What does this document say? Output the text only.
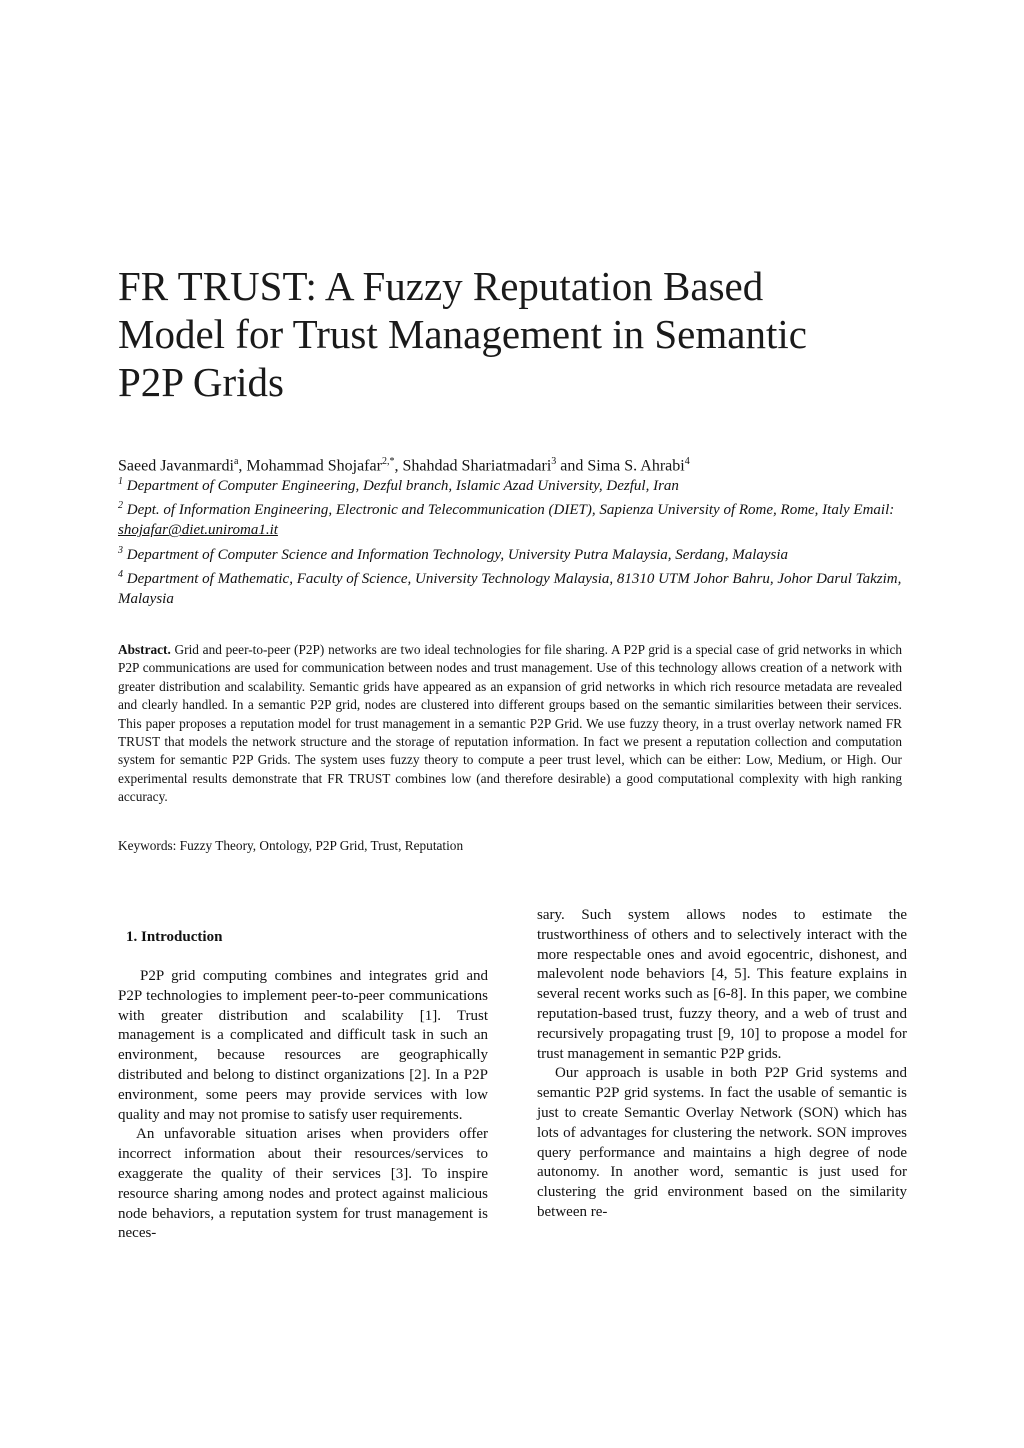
FR TRUST: A Fuzzy Reputation Based
Model for Trust Management in Semantic
P2P Grids

Saeed Javanmardi$^a$, Mohammad Shojafar$^{2,*}$, Shahdad Shariatmadari$^3$ and Sima S. Ahrabi$^4$

$^1$ Department of Computer Engineering, Dezful branch, Islamic Azad University, Dezful, Iran
$^2$ Dept. of Information Engineering, Electronic and Telecommunication (DIET), Sapienza University of Rome, Rome, Italy Email: shojafar@diet.uniroma1.it
$^3$ Department of Computer Science and Information Technology, University Putra Malaysia, Serdang, Malaysia
$^4$ Department of Mathematic, Faculty of Science, University Technology Malaysia, 81310 UTM Johor Bahru, Johor Darul Takzim, Malaysia

Abstract. Grid and peer-to-peer (P2P) networks are two ideal technologies for file sharing. A P2P grid is a special case of grid networks in which P2P communications are used for communication between nodes and trust management. Use of this technology allows creation of a network with greater distribution and scalability. Semantic grids have appeared as an expansion of grid networks in which rich resource metadata are revealed and clearly handled. In a semantic P2P grid, nodes are clustered into different groups based on the semantic similarities between their services. This paper proposes a reputation model for trust management in a semantic P2P Grid. We use fuzzy theory, in a trust overlay network named FR TRUST that models the network structure and the storage of reputation information. In fact we present a reputation collection and computation system for semantic P2P Grids. The system uses fuzzy theory to compute a peer trust level, which can be either: Low, Medium, or High. Our experimental results demonstrate that FR TRUST combines low (and therefore desirable) a good computational complexity with high ranking accuracy.

Keywords: Fuzzy Theory, Ontology, P2P Grid, Trust, Reputation

1. Introduction

P2P grid computing combines and integrates grid and P2P technologies to implement peer-to-peer communications with greater distribution and scalability [1]. Trust management is a complicated and difficult task in such an environment, because resources are geographically distributed and belong to distinct organizations [2]. In a P2P environment, some peers may provide services with low quality and may not promise to satisfy user requirements.

An unfavorable situation arises when providers offer incorrect information about their resources/services to exaggerate the quality of their services [3]. To inspire resource sharing among nodes and protect against malicious node behaviors, a reputation system for trust management is neces-

sary. Such system allows nodes to estimate the trustworthiness of others and to selectively interact with the more respectable ones and avoid egocentric, dishonest, and malevolent node behaviors [4, 5]. This feature explains in several recent works such as [6-8]. In this paper, we combine reputation-based trust, fuzzy theory, and a web of trust and recursively propagating trust [9, 10] to propose a model for trust management in semantic P2P grids.

Our approach is usable in both P2P Grid systems and semantic P2P grid systems. In fact the usable of semantic is just to create Semantic Overlay Network (SON) which has lots of advantages for clustering the network. SON improves query performance and maintains a high degree of node autonomy. In another word, semantic is just used for clustering the grid environment based on the similarity between re-
